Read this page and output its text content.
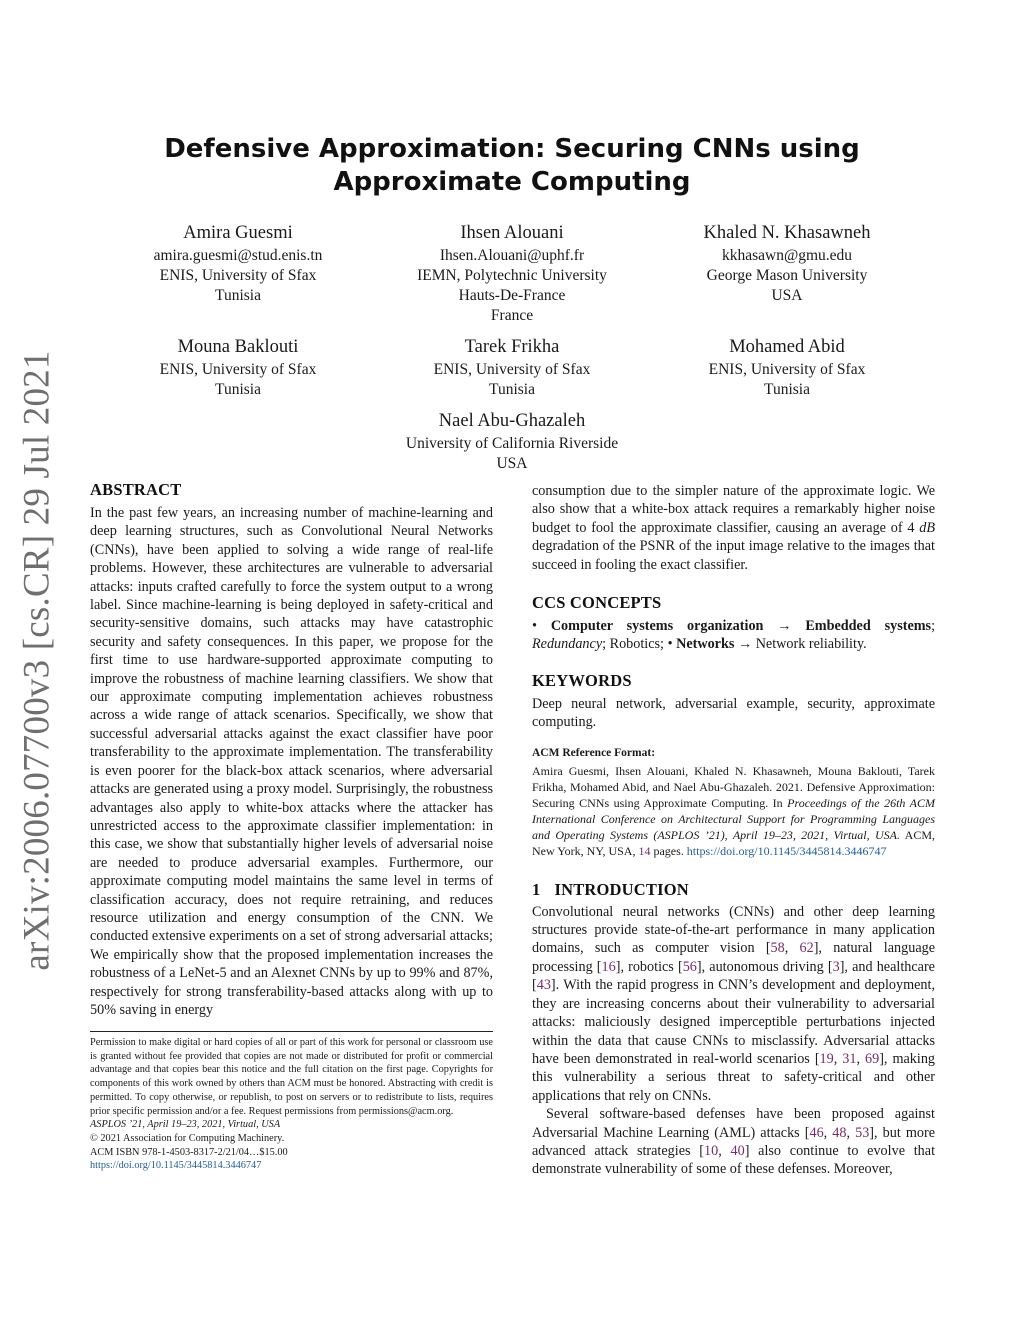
arXiv:2006.07700v3 [cs.CR] 29 Jul 2021
Defensive Approximation: Securing CNNs using Approximate Computing
Amira Guesmi
amira.guesmi@stud.enis.tn
ENIS, University of Sfax
Tunisia
Ihsen Alouani
Ihsen.Alouani@uphf.fr
IEMN, Polytechnic University
Hauts-De-France
France
Khaled N. Khasawneh
kkhasawn@gmu.edu
George Mason University
USA
Mouna Baklouti
ENIS, University of Sfax
Tunisia
Tarek Frikha
ENIS, University of Sfax
Tunisia
Mohamed Abid
ENIS, University of Sfax
Tunisia
Nael Abu-Ghazaleh
University of California Riverside
USA
ABSTRACT

In the past few years, an increasing number of machine-learning and deep learning structures, such as Convolutional Neural Networks (CNNs), have been applied to solving a wide range of real-life problems. However, these architectures are vulnerable to adversarial attacks: inputs crafted carefully to force the system output to a wrong label. Since machine-learning is being deployed in safety-critical and security-sensitive domains, such attacks may have catastrophic security and safety consequences. In this paper, we propose for the first time to use hardware-supported approximate computing to improve the robustness of machine learning classifiers. We show that our approximate computing implementation achieves robustness across a wide range of attack scenarios. Specifically, we show that successful adversarial attacks against the exact classifier have poor transferability to the approximate implementation. The transferability is even poorer for the black-box attack scenarios, where adversarial attacks are generated using a proxy model. Surprisingly, the robustness advantages also apply to white-box attacks where the attacker has unrestricted access to the approximate classifier implementation: in this case, we show that substantially higher levels of adversarial noise are needed to produce adversarial examples. Furthermore, our approximate computing model maintains the same level in terms of classification accuracy, does not require retraining, and reduces resource utilization and energy consumption of the CNN. We conducted extensive experiments on a set of strong adversarial attacks; We empirically show that the proposed implementation increases the robustness of a LeNet-5 and an Alexnet CNNs by up to 99% and 87%, respectively for strong transferability-based attacks along with up to 50% saving in energy

Permission to make digital or hard copies of all or part of this work for personal or classroom use is granted without fee provided that copies are not made or distributed for profit or commercial advantage and that copies bear this notice and the full citation on the first page. Copyrights for components of this work owned by others than ACM must be honored. Abstracting with credit is permitted. To copy otherwise, or republish, to post on servers or to redistribute to lists, requires prior specific permission and/or a fee. Request permissions from permissions@acm.org.

ASPLOS ’21, April 19–23, 2021, Virtual, USA

© 2021 Association for Computing Machinery.

ACM ISBN 978-1-4503-8317-2/21/04…$15.00

https://doi.org/10.1145/3445814.3446747

consumption due to the simpler nature of the approximate logic. We also show that a white-box attack requires a remarkably higher noise budget to fool the approximate classifier, causing an average of 4 dB degradation of the PSNR of the input image relative to the images that succeed in fooling the exact classifier.

CCS CONCEPTS

• Computer systems organization → Embedded systems; Redundancy; Robotics; • Networks → Network reliability.

KEYWORDS

Deep neural network, adversarial example, security, approximate computing.

ACM Reference Format:

Amira Guesmi, Ihsen Alouani, Khaled N. Khasawneh, Mouna Baklouti, Tarek Frikha, Mohamed Abid, and Nael Abu-Ghazaleh. 2021. Defensive Approximation: Securing CNNs using Approximate Computing. In Proceedings of the 26th ACM International Conference on Architectural Support for Programming Languages and Operating Systems (ASPLOS ’21), April 19–23, 2021, Virtual, USA. ACM, New York, NY, USA, 14 pages. https://doi.org/10.1145/3445814.3446747

1 INTRODUCTION

Convolutional neural networks (CNNs) and other deep learning structures provide state-of-the-art performance in many application domains, such as computer vision [58, 62], natural language processing [16], robotics [56], autonomous driving [3], and healthcare [43]. With the rapid progress in CNN’s development and deployment, they are increasing concerns about their vulnerability to adversarial attacks: maliciously designed imperceptible perturbations injected within the data that cause CNNs to misclassify. Adversarial attacks have been demonstrated in real-world scenarios [19, 31, 69], making this vulnerability a serious threat to safety-critical and other applications that rely on CNNs.

Several software-based defenses have been proposed against Adversarial Machine Learning (AML) attacks [46, 48, 53], but more advanced attack strategies [10, 40] also continue to evolve that demonstrate vulnerability of some of these defenses. Moreover,
